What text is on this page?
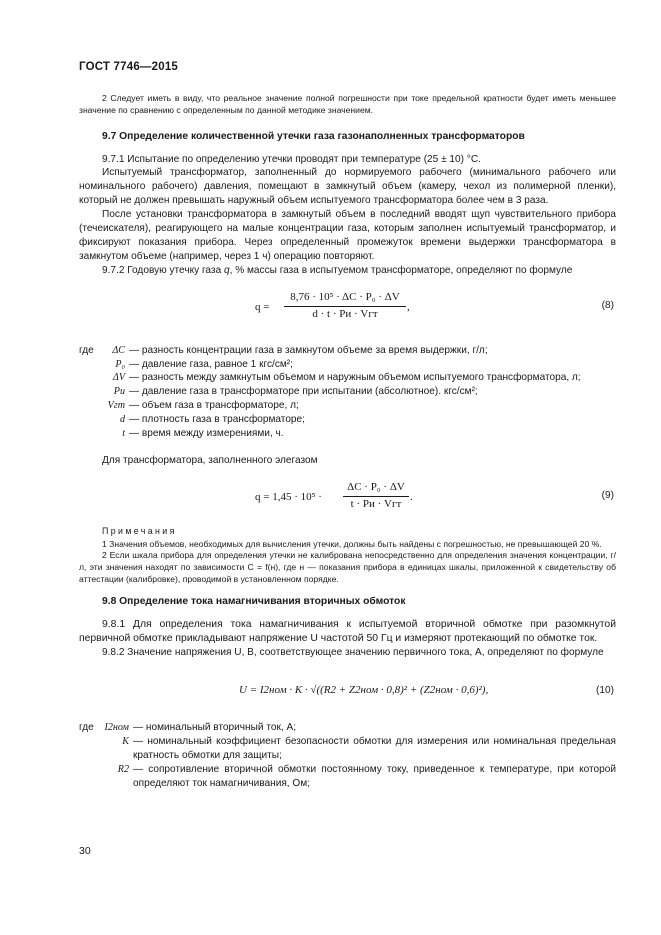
ГОСТ 7746—2015

2 Следует иметь в виду, что реальное значение полной погрешности при токе предельной кратности будет иметь меньшее значение по сравнению с определенным по данной методике значением.

9.7 Определение количественной утечки газа газонаполненных трансформаторов

9.7.1 Испытание по определению утечки проводят при температуре (25 ± 10) °С.

Испытуемый трансформатор, заполненный до нормируемого рабочего (минимального рабочего или номинального рабочего) давления, помещают в замкнутый объем (камеру, чехол из полимерной пленки), который не должен превышать наружный объем испытуемого трансформатора более чем в 3 раза.

После установки трансформатора в замкнутый объем в последний вводят щуп чувствительного прибора (течеискателя), реагирующего на малые концентрации газа, которым заполнен испытуемый трансформатор, и фиксируют показания прибора. Через определенный промежуток времени выдержки трансформатора в замкнутом объеме (например, через 1 ч) операцию повторяют.

9.7.2 Годовую утечку газа q, % массы газа в испытуемом трансформаторе, определяют по формуле

q =
8,76 · 10⁵ · ΔC · P₀ · ΔV
d · t · Pи · Vгт
,	(8)
где	ΔC — разность концентрации газа в замкнутом объеме за время выдержки, г/л;
P₀ — давление газа, равное 1 кгс/см²;
ΔV — разность между замкнутым объемом и наружным объемом испытуемого трансформатора, л;
Pи — давление газа в трансформаторе при испытании (абсолютное). кгс/см²;
Vгт — объем газа в трансформаторе, л;
d — плотность газа в трансформаторе;
t — время между измерениями, ч.

Для трансформатора, заполненного элегазом

q = 1,45 · 10⁵ ·
ΔC · P₀ · ΔV
t · Pи · Vгт
.	(9)
Примечания

1 Значения объемов, необходимых для вычисления утечки, должны быть найдены с погрешностью, не превышающей 20 %.

2 Если шкала прибора для определения утечки не калибрована непосредственно для определения значения концентрации, г/л, эти значения находят по зависимости C = f(н), где н — показания прибора в единицах шкалы, приложенной к свидетельству об аттестации (калибровке), проводимой в установленном порядке.

9.8 Определение тока намагничивания вторичных обмоток

9.8.1 Для определения тока намагничивания к испытуемой вторичной обмотке при разомкнутой первичной обмотке прикладывают напряжение U частотой 50 Гц и измеряют протекающий по обмотке ток.

9.8.2 Значение напряжения U, В, соответствующее значению первичного тока, А, определяют по формуле

U = I2ном · K · √((R2 + Z2ном · 0,8)² + (Z2ном · 0,6)²),	(10)
где	I2ном — номинальный вторичный ток, А;
K — номинальный коэффициент безопасности обмотки для измерения или номинальная предельная кратность обмотки для защиты;
R2 — сопротивление вторичной обмотки постоянному току, приведенное к температуре, при которой определяют ток намагничивания, Ом;
30
